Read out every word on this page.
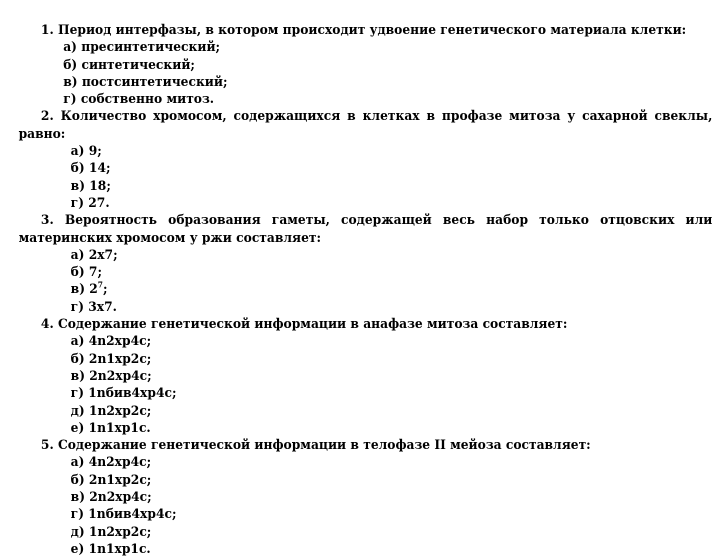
1. Период интерфазы, в котором происходит удвоение генетического материала клетки:
а) пресинтетический;
б) синтетический;
в) постсинтетический;
г) собственно митоз.
2. Количество хромосом, содержащихся в клетках в профазе митоза у сахарной свеклы, равно:
а) 9;
б) 14;
в) 18;
г) 27.
3. Вероятность образования гаметы, содержащей весь набор только отцовских или материнских хромосом у ржи составляет:
а) 2x7;
б) 7;
в) $2^7$;
г) 3x7.
4. Содержание генетической информации в анафазе митоза составляет:
а) 4n2xp4c;
б) 2n1xp2c;
в) 2n2xp4c;
г) 1nбив4xp4c;
д) 1n2xp2c;
е) 1n1xp1c.
5. Содержание генетической информации в телофазе II мейоза составляет:
а) 4n2xp4c;
б) 2n1xp2c;
в) 2n2xp4c;
г) 1nбив4xp4c;
д) 1n2xp2c;
е) 1n1xp1c.
